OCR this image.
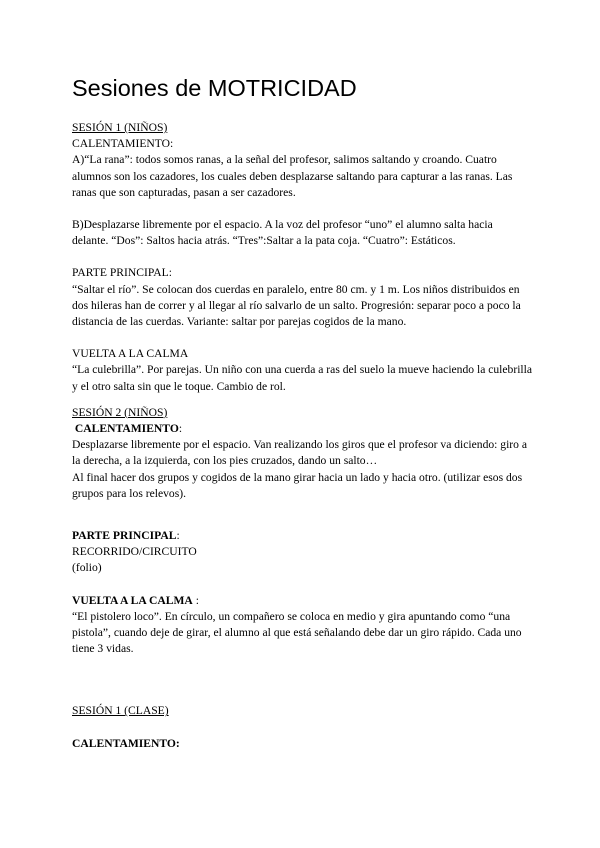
Sesiones de MOTRICIDAD

SESIÓN 1 (NIÑOS)

CALENTAMIENTO:

A)“La rana”: todos somos ranas, a la señal del profesor, salimos saltando y croando. Cuatro alumnos son los cazadores, los cuales deben desplazarse saltando para capturar a las ranas. Las ranas que son capturadas, pasan a ser cazadores.

B)Desplazarse libremente por el espacio. A la voz del profesor “uno” el alumno salta hacia delante. “Dos”: Saltos hacia atrás. “Tres”:Saltar a la pata coja. “Cuatro”: Estáticos.

PARTE PRINCIPAL:

“Saltar el río”. Se colocan dos cuerdas en paralelo, entre 80 cm. y 1 m. Los niños distribuidos en dos hileras han de correr y al llegar al río salvarlo de un salto. Progresión: separar poco a poco la distancia de las cuerdas. Variante: saltar por parejas cogidos de la mano.

VUELTA A LA CALMA

“La culebrilla”. Por parejas. Un niño con una cuerda a ras del suelo la mueve haciendo la culebrilla y el otro salta sin que le toque. Cambio de rol.

SESIÓN 2 (NIÑOS)

CALENTAMIENTO:

Desplazarse libremente por el espacio. Van realizando los giros que el profesor va diciendo: giro a la derecha, a la izquierda, con los pies cruzados, dando un salto…

Al final hacer dos grupos y cogidos de la mano girar hacia un lado y hacia otro. (utilizar esos dos grupos para los relevos).

PARTE PRINCIPAL:

RECORRIDO/CIRCUITO

(folio)

VUELTA A LA CALMA :

“El pistolero loco”. En círculo, un compañero se coloca en medio y gira apuntando como “una pistola”, cuando deje de girar, el alumno al que está señalando debe dar un giro rápido. Cada uno tiene 3 vidas.

SESIÓN 1 (CLASE)

CALENTAMIENTO:
